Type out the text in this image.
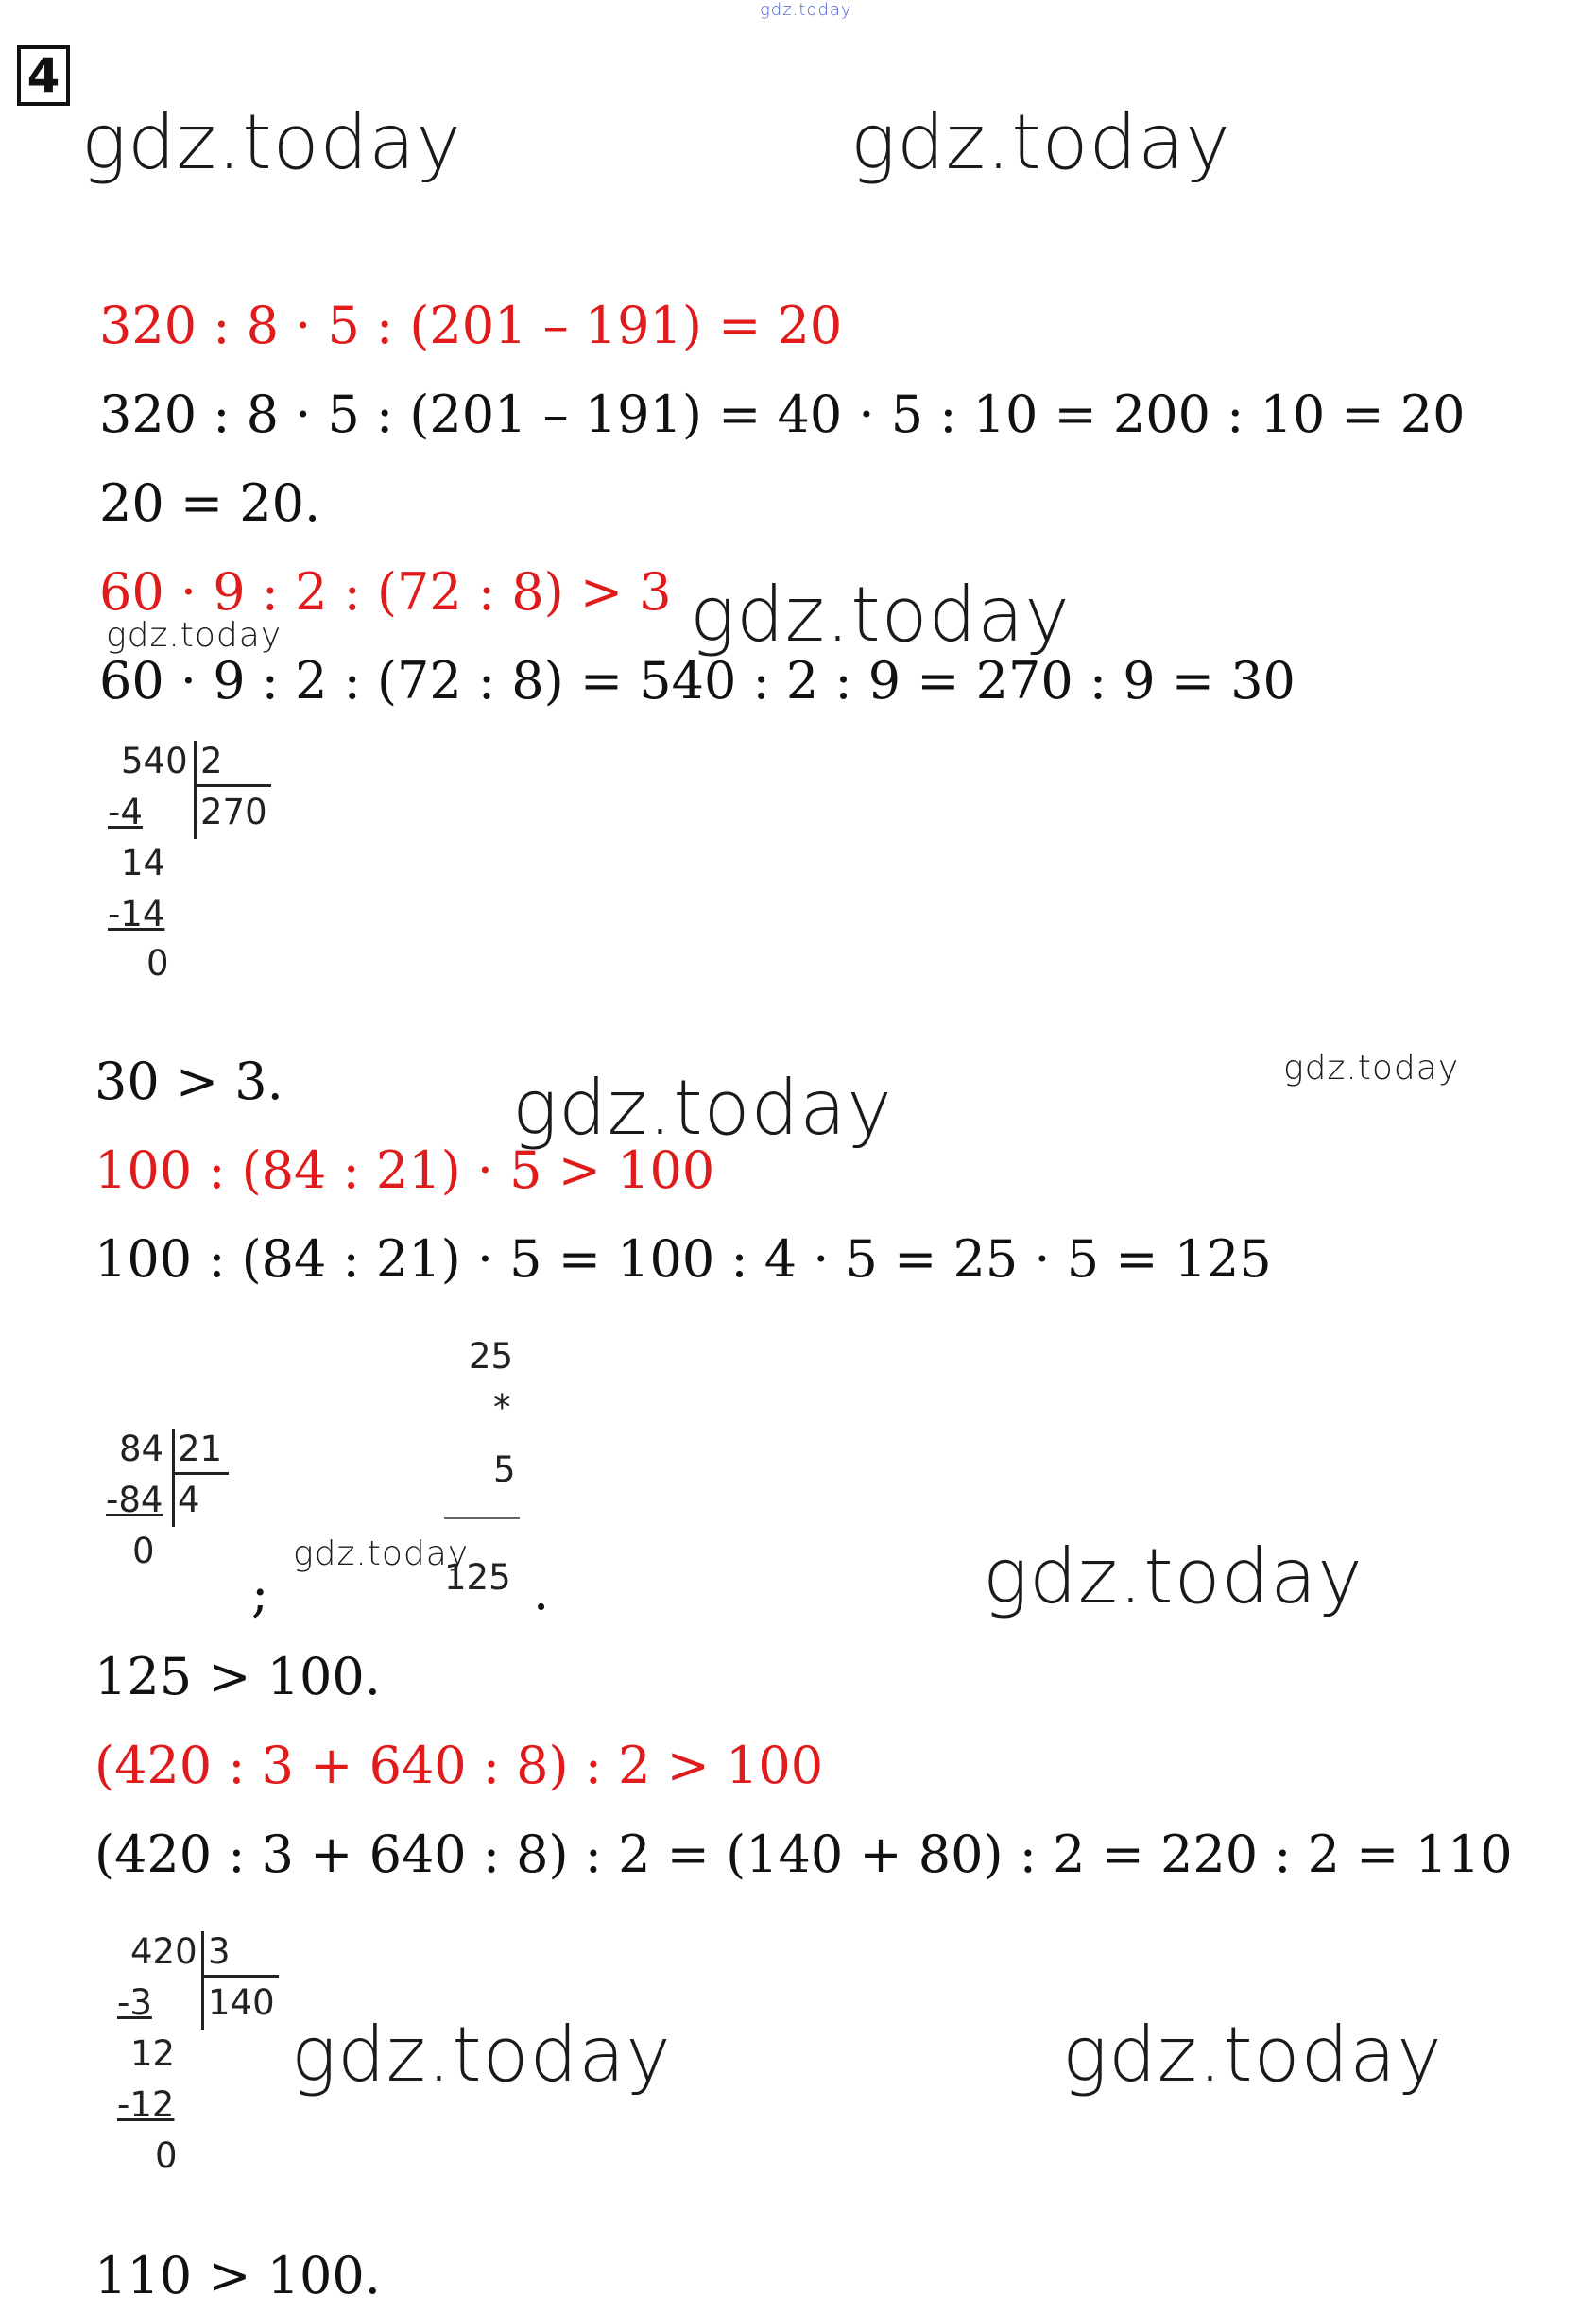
gdz.today
4
gdz.today	gdz.today
320 : 8 · 5 : (201 – 191) = 20
320 : 8 · 5 : (201 – 191) = 40 · 5 : 10 = 200 : 10 = 20
20 = 20.
60 · 9 : 2 : (72 : 8) > 3 gdz.today
gdz.today
60 · 9 : 2 : (72 : 8) = 540 : 2 : 9 = 270 : 9 = 30
540 2
270
-4
14
-14
0
30 > 3.	gdz.today
gdz.today
100 : (84 : 21) · 5 > 100
100 : (84 : 21) · 5 = 100 : 4 · 5 = 25 · 5 = 125
25
*
5
125 .
84 21
4
-84
0
;
gdz.today	gdz.today
125 > 100.
(420 : 3 + 640 : 8) : 2 > 100
(420 : 3 + 640 : 8) : 2 = (140 + 80) : 2 = 220 : 2 = 110
420 3
140
-3
12
-12
0
gdz.today	gdz.today
110 > 100.
